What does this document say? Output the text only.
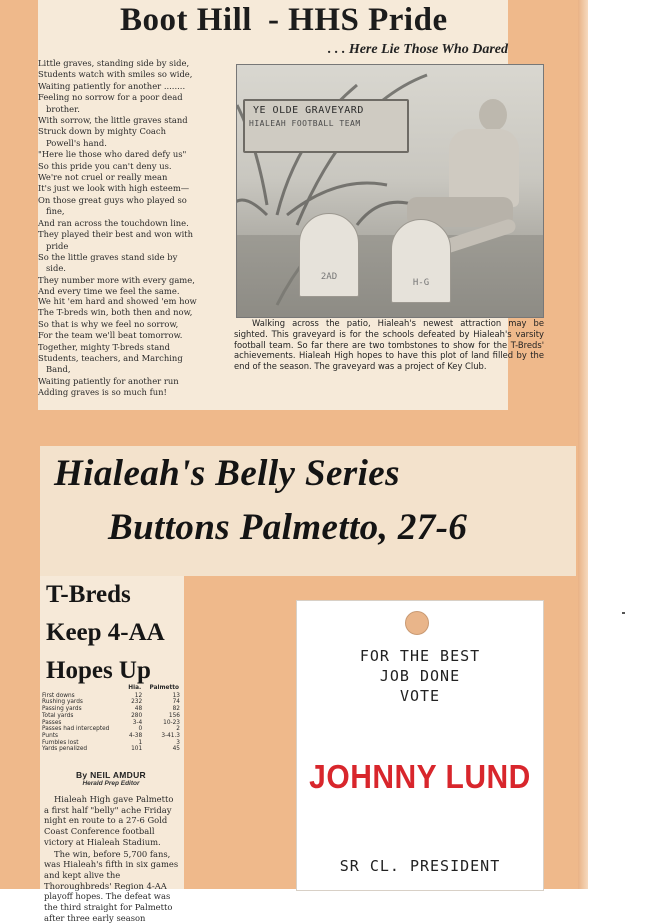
Boot Hill - HHS Pride
. . . Here Lie Those Who Dared

Little graves, standing side by side,

Students watch with smiles so wide,

Waiting patiently for another ........

Feeling no sorrow for a poor dead brother.

With sorrow, the little graves stand

Struck down by mighty Coach Powell's hand.

"Here lie those who dared defy us"

So this pride you can't deny us.

We're not cruel or really mean

It's just we look with high esteem—

On those great guys who played so fine,

And ran across the touchdown line.

They played their best and won with pride

So the little graves stand side by side.

They number more with every game,

And every time we feel the same.

We hit 'em hard and showed 'em how

The T-breds win, both then and now,

So that is why we feel no sorrow,

For the team we'll beat tomorrow.

Together, mighty T-breds stand

Students, teachers, and Marching Band,

Waiting patiently for another run

Adding graves is so much fun!

YE OLDE GRAVEYARD
HIALEAH FOOTBALL TEAM
2AD
H-G
Walking across the patio, Hialeah's newest attraction may be sighted. This graveyard is for the schools defeated by Hialeah's varsity football team. So far there are two tombstones to show for the T-Breds' achievements. Hialeah High hopes to have this plot of land filled by the end of the season. The graveyard was a project of Key Club.
Hialeah's Belly Series
Buttons Palmetto, 27-6
T-Breds
Keep 4-AA
Hopes Up
	Hia.	Palmetto
First downs	12	13
Rushing yards	232	74
Passing yards	48	82
Total yards	280	156
Passes	3-4	10-23
Passes had intercepted	0	2
Punts	4-38	3-41.3
Fumbles lost	1	3
Yards penalized	101	45
By NEIL AMDUR
Herald Prep Editor

Hialeah High gave Palmetto a first half "belly" ache Friday night en route to a 27-6 Gold Coast Conference football victory at Hialeah Stadium.

The win, before 5,700 fans, was Hialeah's fifth in six games and kept alive the Thoroughbreds' Region 4-AA playoff hopes. The defeat was the third straight for Palmetto after three early season

FOR THE BEST
JOB DONE
VOTE
JOHNNY LUND
SR CL. PRESIDENT
